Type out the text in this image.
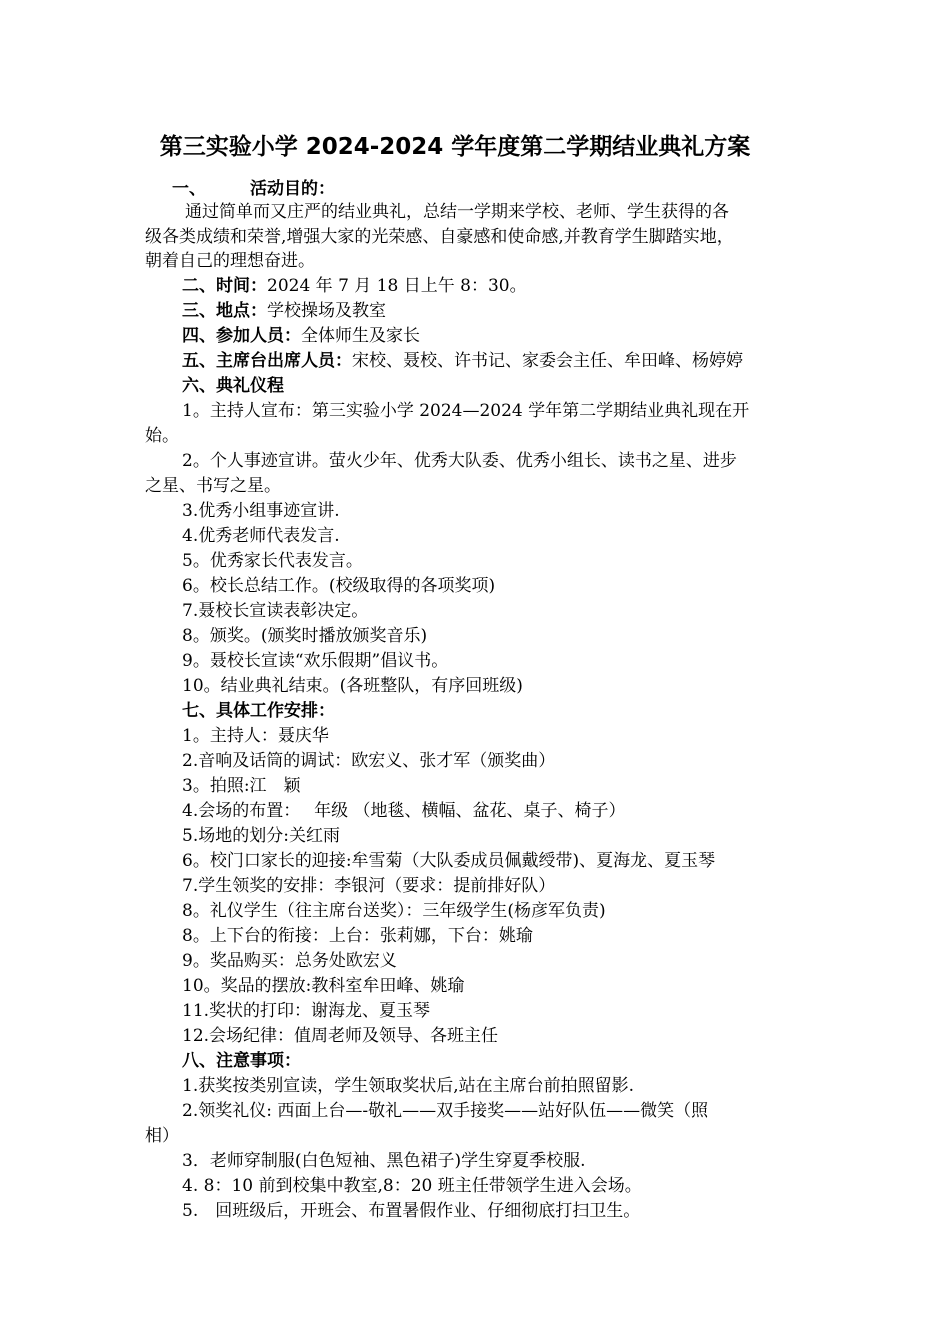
第三实验小学 2024-2024 学年度第二学期结业典礼方案
一、	活动目的：
通过简单而又庄严的结业典礼，总结一学期来学校、老师、学生获得的各
级各类成绩和荣誉,增强大家的光荣感、自豪感和使命感,并教育学生脚踏实地，
朝着自己的理想奋进。
二、时间：2024 年 7 月 18 日上午 8：30。
三、地点：学校操场及教室
四、参加人员：全体师生及家长
五、主席台出席人员：宋校、聂校、许书记、家委会主任、牟田峰、杨婷婷
六、典礼仪程
1。主持人宣布：第三实验小学 2024—2024 学年第二学期结业典礼现在开
始。
2。个人事迹宣讲。萤火少年、优秀大队委、优秀小组长、读书之星、进步
之星、书写之星。
3.优秀小组事迹宣讲.
4.优秀老师代表发言.
5。优秀家长代表发言。
6。校长总结工作。(校级取得的各项奖项)
7.聂校长宣读表彰决定。
8。颁奖。(颁奖时播放颁奖音乐)
9。聂校长宣读“欢乐假期”倡议书。
10。结业典礼结束。(各班整队，有序回班级)
七、具体工作安排：
1。主持人：聂庆华
2.音响及话筒的调试：欧宏义、张才军（颁奖曲）
3。拍照:江　颖
4.会场的布置：　 年级 （地毯、横幅、盆花、桌子、椅子）
5.场地的划分:关红雨
6。校门口家长的迎接:牟雪菊（大队委成员佩戴绶带)、夏海龙、夏玉琴
7.学生领奖的安排：李银河（要求：提前排好队）
8。礼仪学生（往主席台送奖）：三年级学生(杨彦军负责)
8。上下台的衔接：上台：张莉娜，下台：姚瑜
9。奖品购买：总务处欧宏义
10。奖品的摆放:教科室牟田峰、姚瑜
11.奖状的打印：谢海龙、夏玉琴
12.会场纪律：值周老师及领导、各班主任
八、注意事项：
1.获奖按类别宣读，学生领取奖状后,站在主席台前拍照留影.
2.领奖礼仪: 西面上台—-敬礼——双手接奖——站好队伍——微笑（照
相）
3．老师穿制服(白色短袖、黑色裙子)学生穿夏季校服.
4. 8：10 前到校集中教室,8：20 班主任带领学生进入会场。
5.　回班级后，开班会、布置暑假作业、仔细彻底打扫卫生。
